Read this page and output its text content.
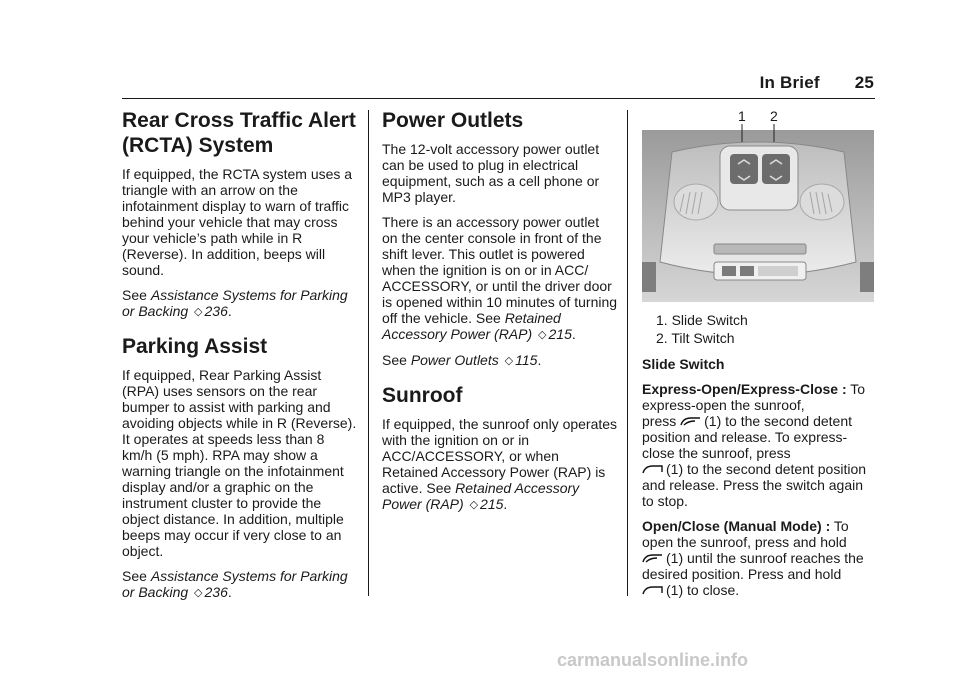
In Brief 25
Rear Cross Traffic Alert
(RCTA) System

If equipped, the RCTA system uses a triangle with an arrow on the infotainment display to warn of traffic behind your vehicle that may cross your vehicle’s path while in R (Reverse). In addition, beeps will sound.

See Assistance Systems for Parking or Backing ◇ 236.

Parking Assist

If equipped, Rear Parking Assist (RPA) uses sensors on the rear bumper to assist with parking and avoiding objects while in R (Reverse). It operates at speeds less than 8 km/h (5 mph). RPA may show a warning triangle on the infotainment display and/or a graphic on the instrument cluster to provide the object distance. In addition, multiple beeps may occur if very close to an object.

See Assistance Systems for Parking or Backing ◇ 236.

Power Outlets

The 12-volt accessory power outlet can be used to plug in electrical equipment, such as a cell phone or MP3 player.

There is an accessory power outlet on the center console in front of the shift lever. This outlet is powered when the ignition is on or in ACC/ ACCESSORY, or until the driver door is opened within 10 minutes of turning off the vehicle. See Retained Accessory Power (RAP) ◇ 215.

See Power Outlets ◇ 115.

Sunroof

If equipped, the sunroof only operates with the ignition on or in ACC/ACCESSORY, or when Retained Accessory Power (RAP) is active. See Retained Accessory Power (RAP) ◇ 215.

1 2
1. Slide Switch
2. Tilt Switch

Slide Switch

Express-Open/Express-Close : To express-open the sunroof,
press (1) to the second detent
position and release. To express-close the sunroof, press
(1) to the second detent position and release. Press the switch again to stop.

Open/Close (Manual Mode) : To open the sunroof, press and hold
(1) until the sunroof reaches the desired position. Press and hold
(1) to close.

carmanualsonline.info
